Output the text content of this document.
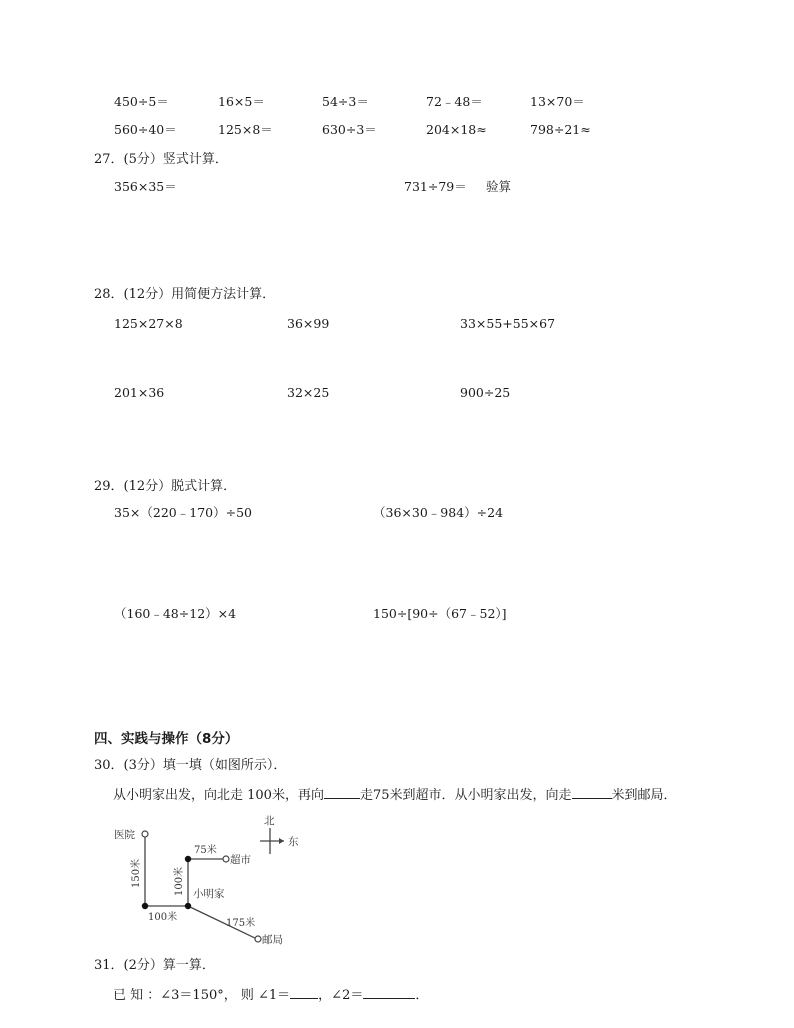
450÷5＝	16×5＝	54÷3＝	72﹣48＝	13×70＝
560÷40＝	125×8＝	630÷3＝	204×18≈	798÷21≈
27．(5分）竖式计算．
356×35＝	731÷79＝ 验算
28．(12分）用简便方法计算．
125×27×8	36×99	33×55+55×67
201×36	32×25	900÷25
29．(12分）脱式计算．
35×（220﹣170）÷50	（36×30﹣984）÷24
（160﹣48÷12）×4	150÷[90÷（67﹣52）]
四、实践与操作（8分）
30．(3分）填一填（如图所示）．
从小明家出发，向北走 100米，再向	走75米到超市．从小明家出发，向走	米到邮局．
医院
超市
小明家
邮局
北
东
75米
100米
175米
150米	100米
31．(2分）算一算．
已 知 ：∠3＝150°， 则 ∠1＝ ，∠2＝	．
